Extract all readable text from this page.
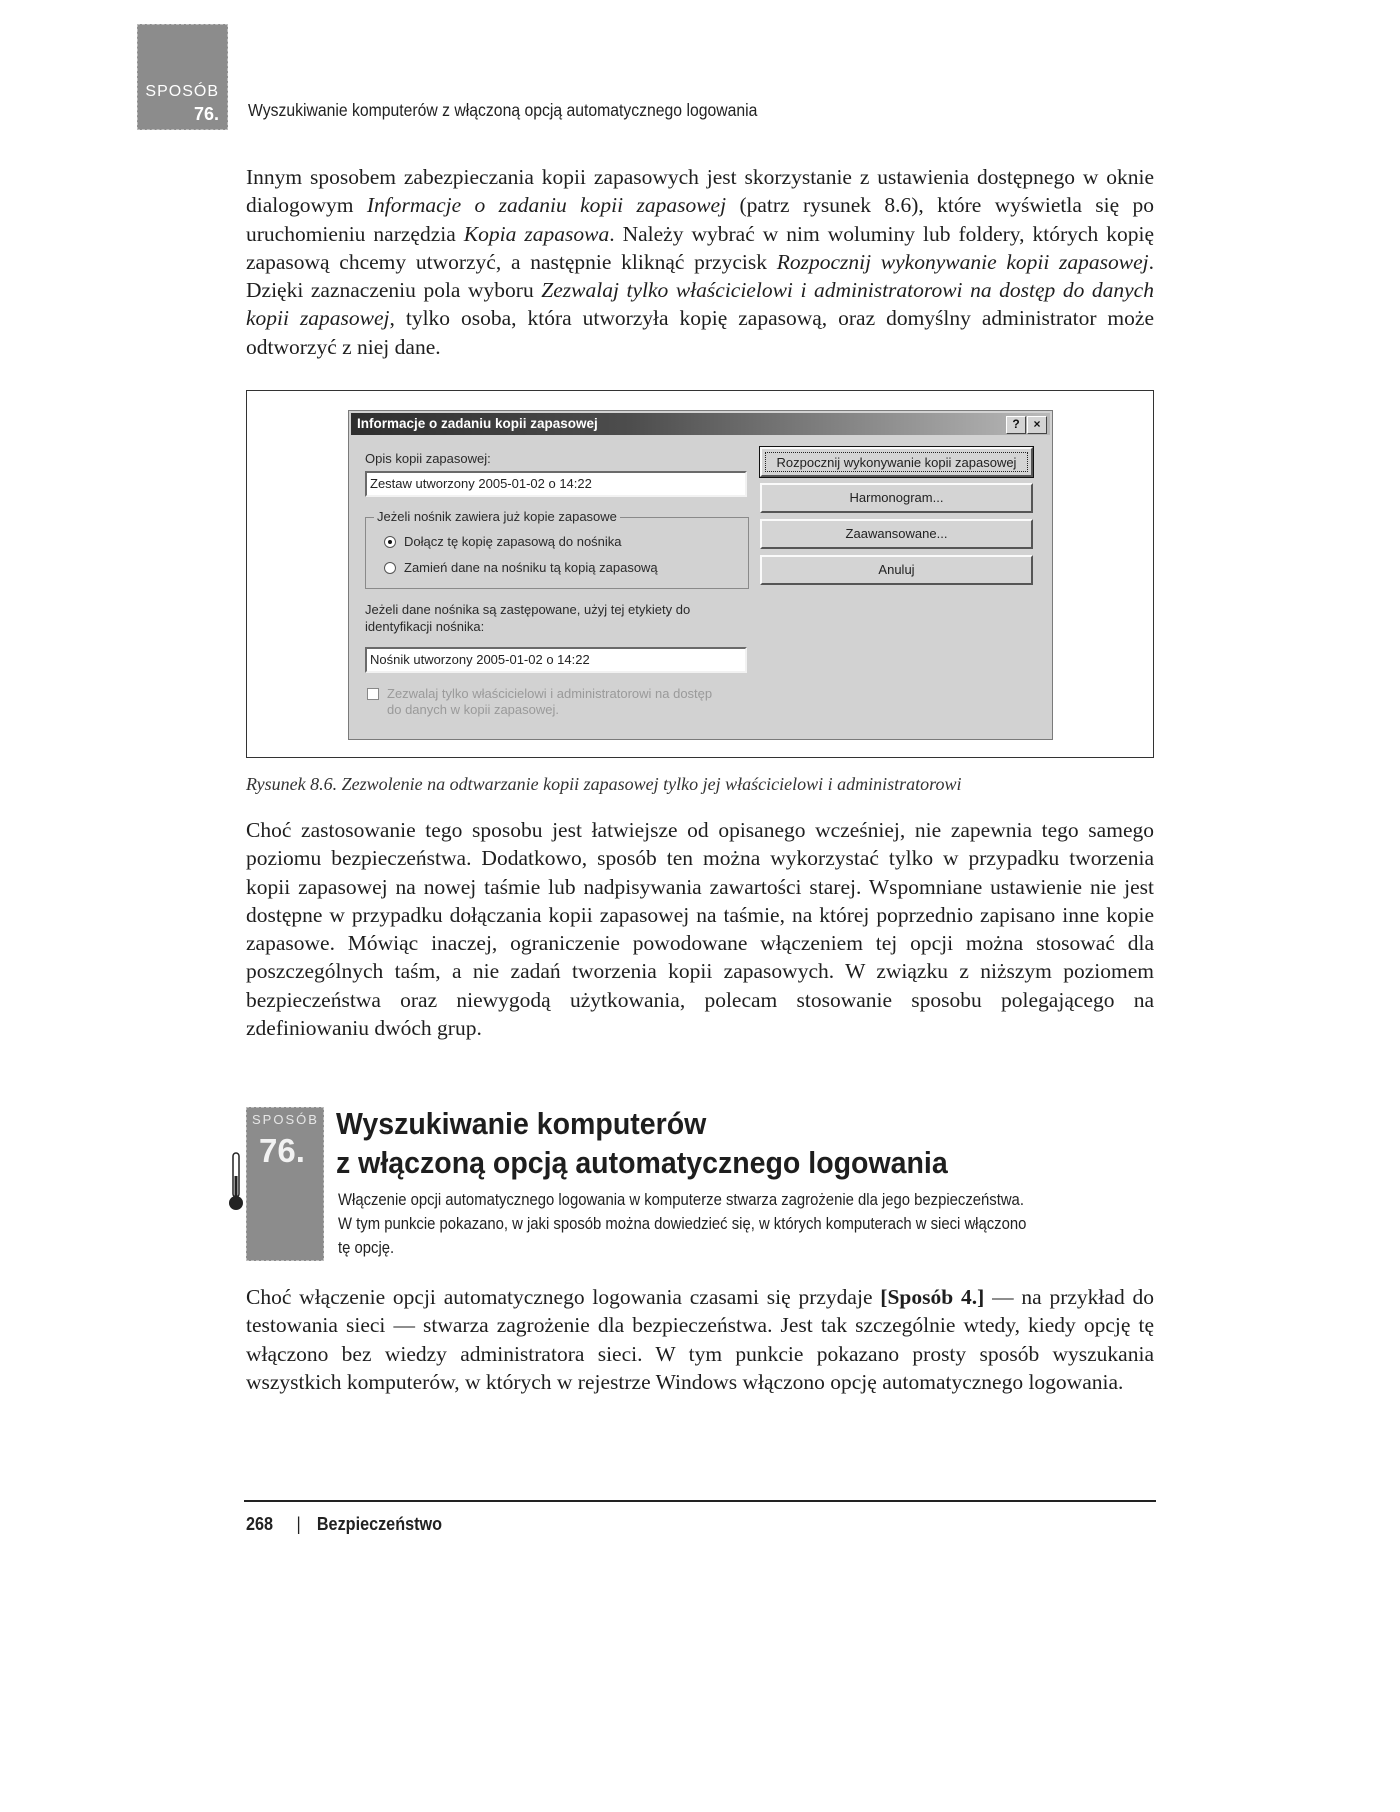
SPOSÓB
76. Wyszukiwanie komputerów z włączoną opcją automatycznego logowania
Innym sposobem zabezpieczania kopii zapasowych jest skorzystanie z ustawienia dostępnego w oknie dialogowym Informacje o zadaniu kopii zapasowej (patrz rysunek 8.6), które wyświetla się po uruchomieniu narzędzia Kopia zapasowa. Należy wybrać w nim woluminy lub foldery, których kopię zapasową chcemy utworzyć, a następnie kliknąć przycisk Rozpocznij wykonywanie kopii zapasowej. Dzięki zaznaczeniu pola wyboru Zezwalaj tylko właścicielowi i administratorowi na dostęp do danych kopii zapasowej, tylko osoba, która utworzyła kopię zapasową, oraz domyślny administrator może odtworzyć z niej dane.
Informacje o zadaniu kopii zapasowej	?	×
Opis kopii zapasowej:
Zestaw utworzony 2005-01-02 o 14:22
Jeżeli nośnik zawiera już kopie zapasowe
Dołącz tę kopię zapasową do nośnika
Zamień dane na nośniku tą kopią zapasową
Jeżeli dane nośnika są zastępowane, użyj tej etykiety do identyfikacji nośnika:
Nośnik utworzony 2005-01-02 o 14:22
Zezwalaj tylko właścicielowi i administratorowi na dostęp do danych w kopii zapasowej.
Rozpocznij wykonywanie kopii zapasowej
Harmonogram...
Zaawansowane...
Anuluj
Rysunek 8.6. Zezwolenie na odtwarzanie kopii zapasowej tylko jej właścicielowi i administratorowi
Choć zastosowanie tego sposobu jest łatwiejsze od opisanego wcześniej, nie zapewnia tego samego poziomu bezpieczeństwa. Dodatkowo, sposób ten można wykorzystać tylko w przypadku tworzenia kopii zapasowej na nowej taśmie lub nadpisywania zawartości starej. Wspomniane ustawienie nie jest dostępne w przypadku dołączania kopii zapasowej na taśmie, na której poprzednio zapisano inne kopie zapasowe. Mówiąc inaczej, ograniczenie powodowane włączeniem tej opcji można stosować dla poszczególnych taśm, a nie zadań tworzenia kopii zapasowych. W związku z niższym poziomem bezpieczeństwa oraz niewygodą użytkowania, polecam stosowanie sposobu polegającego na zdefiniowaniu dwóch grup.
SPOSÓB
76.
Wyszukiwanie komputerów
z włączoną opcją automatycznego logowania
Włączenie opcji automatycznego logowania w komputerze stwarza zagrożenie dla jego bezpieczeństwa.
W tym punkcie pokazano, w jaki sposób można dowiedzieć się, w których komputerach w sieci włączono
tę opcję.
Choć włączenie opcji automatycznego logowania czasami się przydaje [Sposób 4.] — na przykład do testowania sieci — stwarza zagrożenie dla bezpieczeństwa. Jest tak szczególnie wtedy, kiedy opcję tę włączono bez wiedzy administratora sieci. W tym punkcie pokazano prosty sposób wyszukania wszystkich komputerów, w których w rejestrze Windows włączono opcję automatycznego logowania.
268 | Bezpieczeństwo
